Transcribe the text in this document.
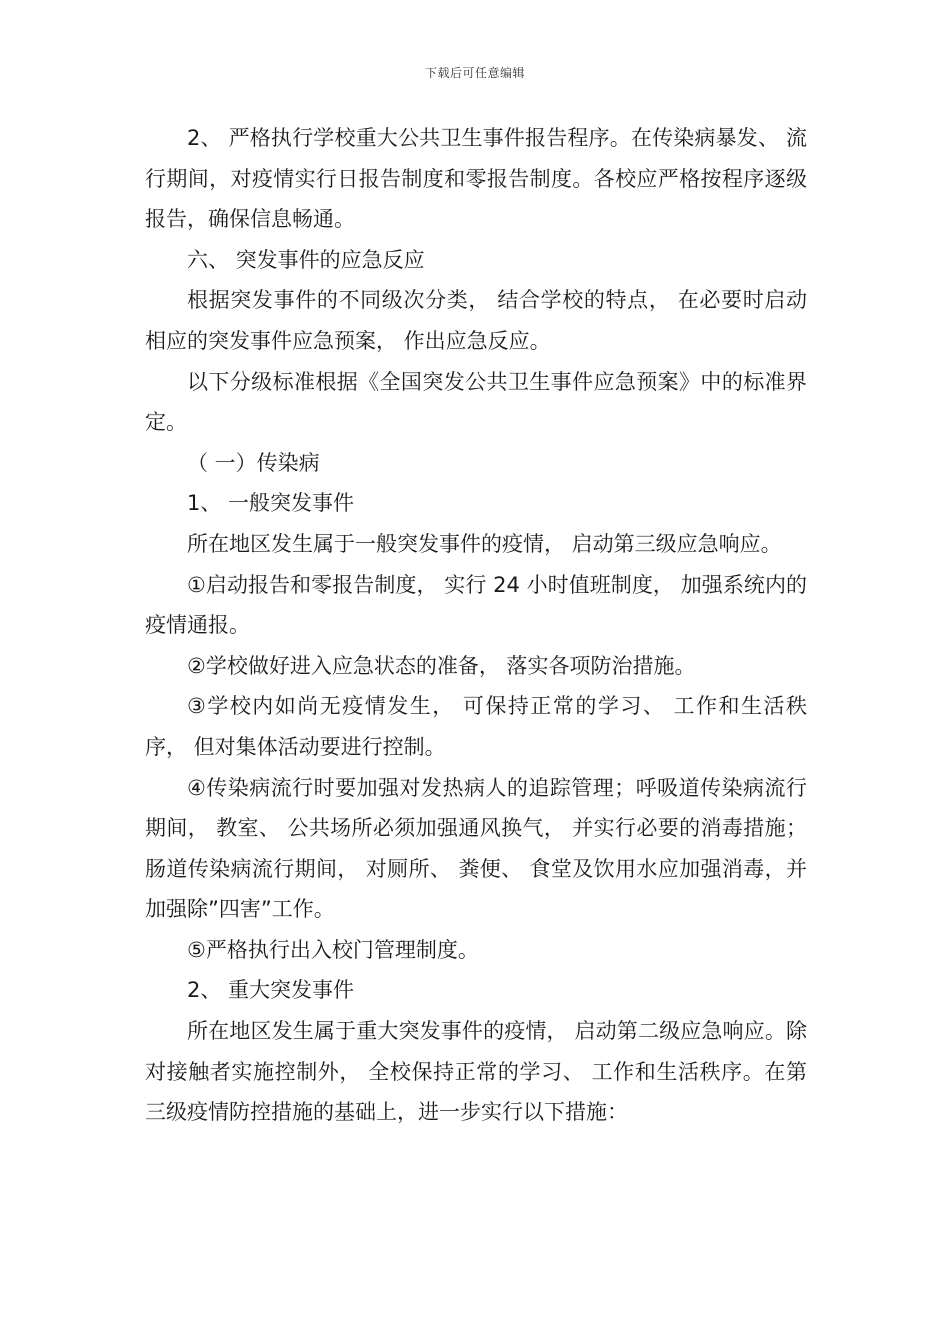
下载后可任意编辑

2、 严格执行学校重大公共卫生事件报告程序。在传染病暴发、 流行期间，对疫情实行日报告制度和零报告制度。各校应严格按程序逐级报告，确保信息畅通。

六、 突发事件的应急反应

根据突发事件的不同级次分类， 结合学校的特点， 在必要时启动相应的突发事件应急预案， 作出应急反应。

以下分级标准根据《全国突发公共卫生事件应急预案》中的标准界定。

（ 一）传染病

1、 一般突发事件

所在地区发生属于一般突发事件的疫情， 启动第三级应急响应。

①启动报告和零报告制度， 实行 24 小时值班制度， 加强系统内的疫情通报。

②学校做好进入应急状态的准备， 落实各项防治措施。

③学校内如尚无疫情发生， 可保持正常的学习、 工作和生活秩序， 但对集体活动要进行控制。

④传染病流行时要加强对发热病人的追踪管理；呼吸道传染病流行期间， 教室、 公共场所必须加强通风换气， 并实行必要的消毒措施；肠道传染病流行期间， 对厕所、 粪便、 食堂及饮用水应加强消毒，并加强除”四害”工作。

⑤严格执行出入校门管理制度。

2、 重大突发事件

所在地区发生属于重大突发事件的疫情， 启动第二级应急响应。除对接触者实施控制外， 全校保持正常的学习、 工作和生活秩序。在第三级疫情防控措施的基础上，进一步实行以下措施：
